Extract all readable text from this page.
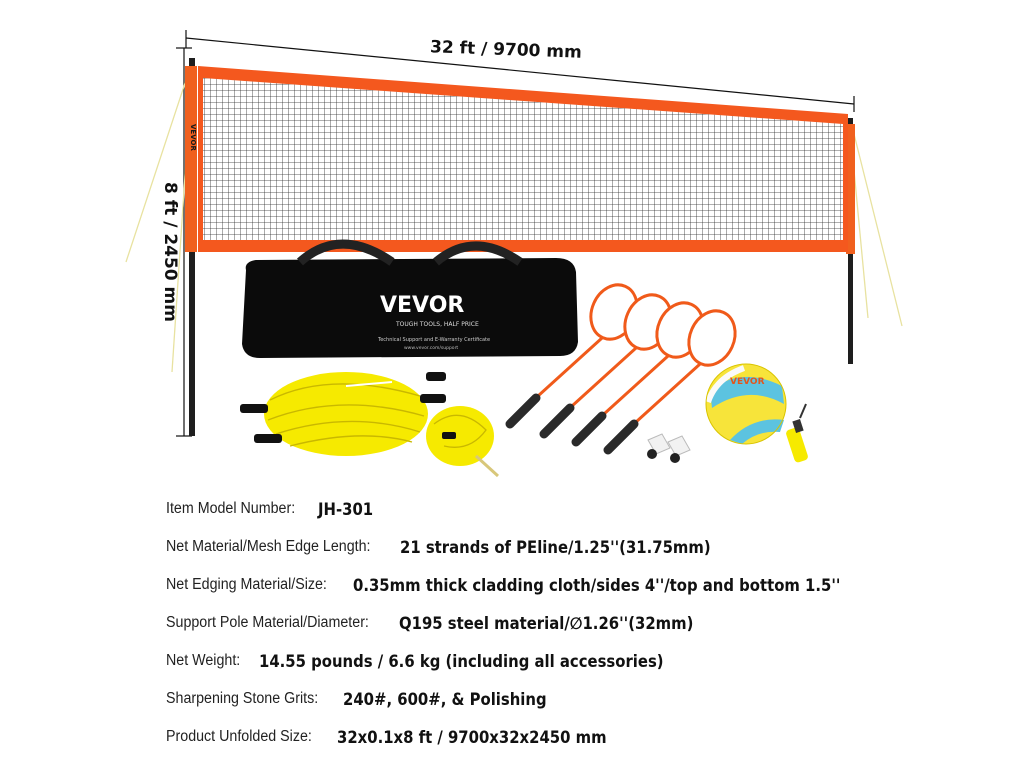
VEVOR
VEVOR
TOUGH TOOLS, HALF PRICE
Technical Support and E-Warranty Certificate
www.vevor.com/support
VEVOR
32 ft / 9700 mm
8 ft / 2450 mm
Item Model Number: JH-301
Net Material/Mesh Edge Length: 21 strands of PEline/1.25''(31.75mm)
Net Edging Material/Size: 0.35mm thick cladding cloth/sides 4''/top and bottom 1.5''
Support Pole Material/Diameter: Q195 steel material/∅1.26''(32mm)
Net Weight: 14.55 pounds / 6.6 kg (including all accessories)
Sharpening Stone Grits: 240#, 600#, & Polishing
Product Unfolded Size: 32x0.1x8 ft / 9700x32x2450 mm
